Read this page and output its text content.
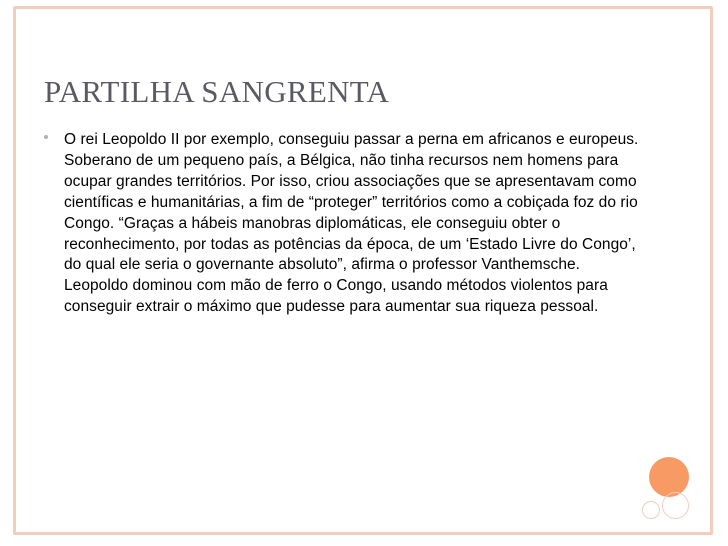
PARTILHA SANGRENTA
O rei Leopoldo II por exemplo, conseguiu passar a perna em africanos e europeus. Soberano de um pequeno país, a Bélgica, não tinha recursos nem homens para ocupar grandes territórios. Por isso, criou associações que se apresentavam como científicas e humanitárias, a fim de “proteger” territórios como a cobiçada foz do rio Congo. “Graças a hábeis manobras diplomáticas, ele conseguiu obter o reconhecimento, por todas as potências da época, de um ‘Estado Livre do Congo’, do qual ele seria o governante absoluto”, afirma o professor Vanthemsche. Leopoldo dominou com mão de ferro o Congo, usando métodos violentos para conseguir extrair o máximo que pudesse para aumentar sua riqueza pessoal.
